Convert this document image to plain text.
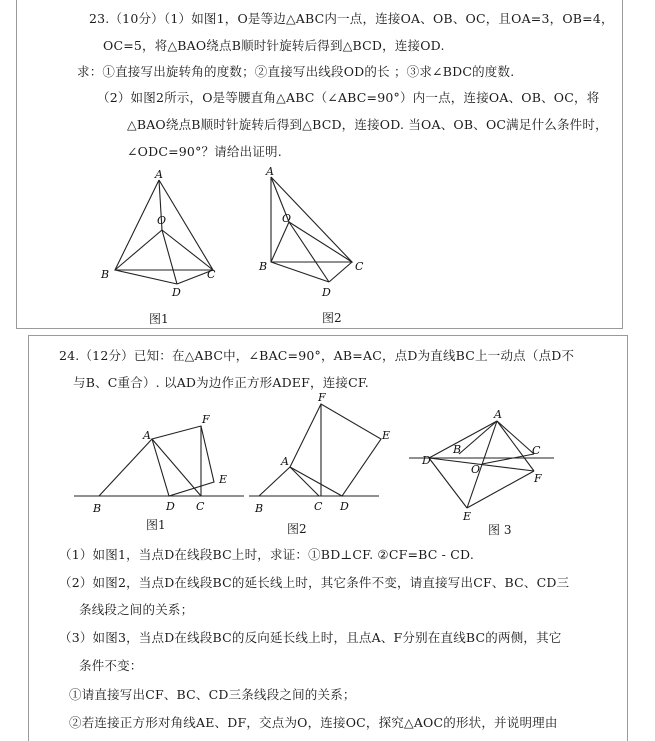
23.（10分）（1）如图1，O是等边△ABC内一点，连接OA、OB、OC，且OA=3，OB=4，
OC=5，将△BAO绕点B顺时针旋转后得到△BCD，连接OD.
求：①直接写出旋转角的度数；②直接写出线段OD的长 ；③求∠BDC的度数.
（2）如图2所示，O是等腰直角△ABC（∠ABC=90°）内一点，连接OA、OB、OC，将
△BAO绕点B顺时针旋转后得到△BCD，连接OD. 当OA、OB、OC满足什么条件时，
∠ODC=90°？请给出证明.
A
O
B	C
D
A
O
B	C
D
图1	图2
24.（12分）已知：在△ABC中，∠BAC=90°，AB=AC，点D为直线BC上一动点（点D不
与B、C重合）. 以AD为边作正方形ADEF，连接CF.
A
B	C
D
E
F
A
B	C D
E
F
A
B	C
D
E
F
O
图1	图2	图 3
（1）如图1，当点D在线段BC上时，求证：①BD⊥CF. ②CF=BC - CD.
（2）如图2，当点D在线段BC的延长线上时，其它条件不变，请直接写出CF、BC、CD三
条线段之间的关系；
（3）如图3，当点D在线段BC的反向延长线上时，且点A、F分别在直线BC的两侧，其它
条件不变：
①请直接写出CF、BC、CD三条线段之间的关系；
②若连接正方形对角线AE、DF，交点为O，连接OC，探究△AOC的形状，并说明理由
